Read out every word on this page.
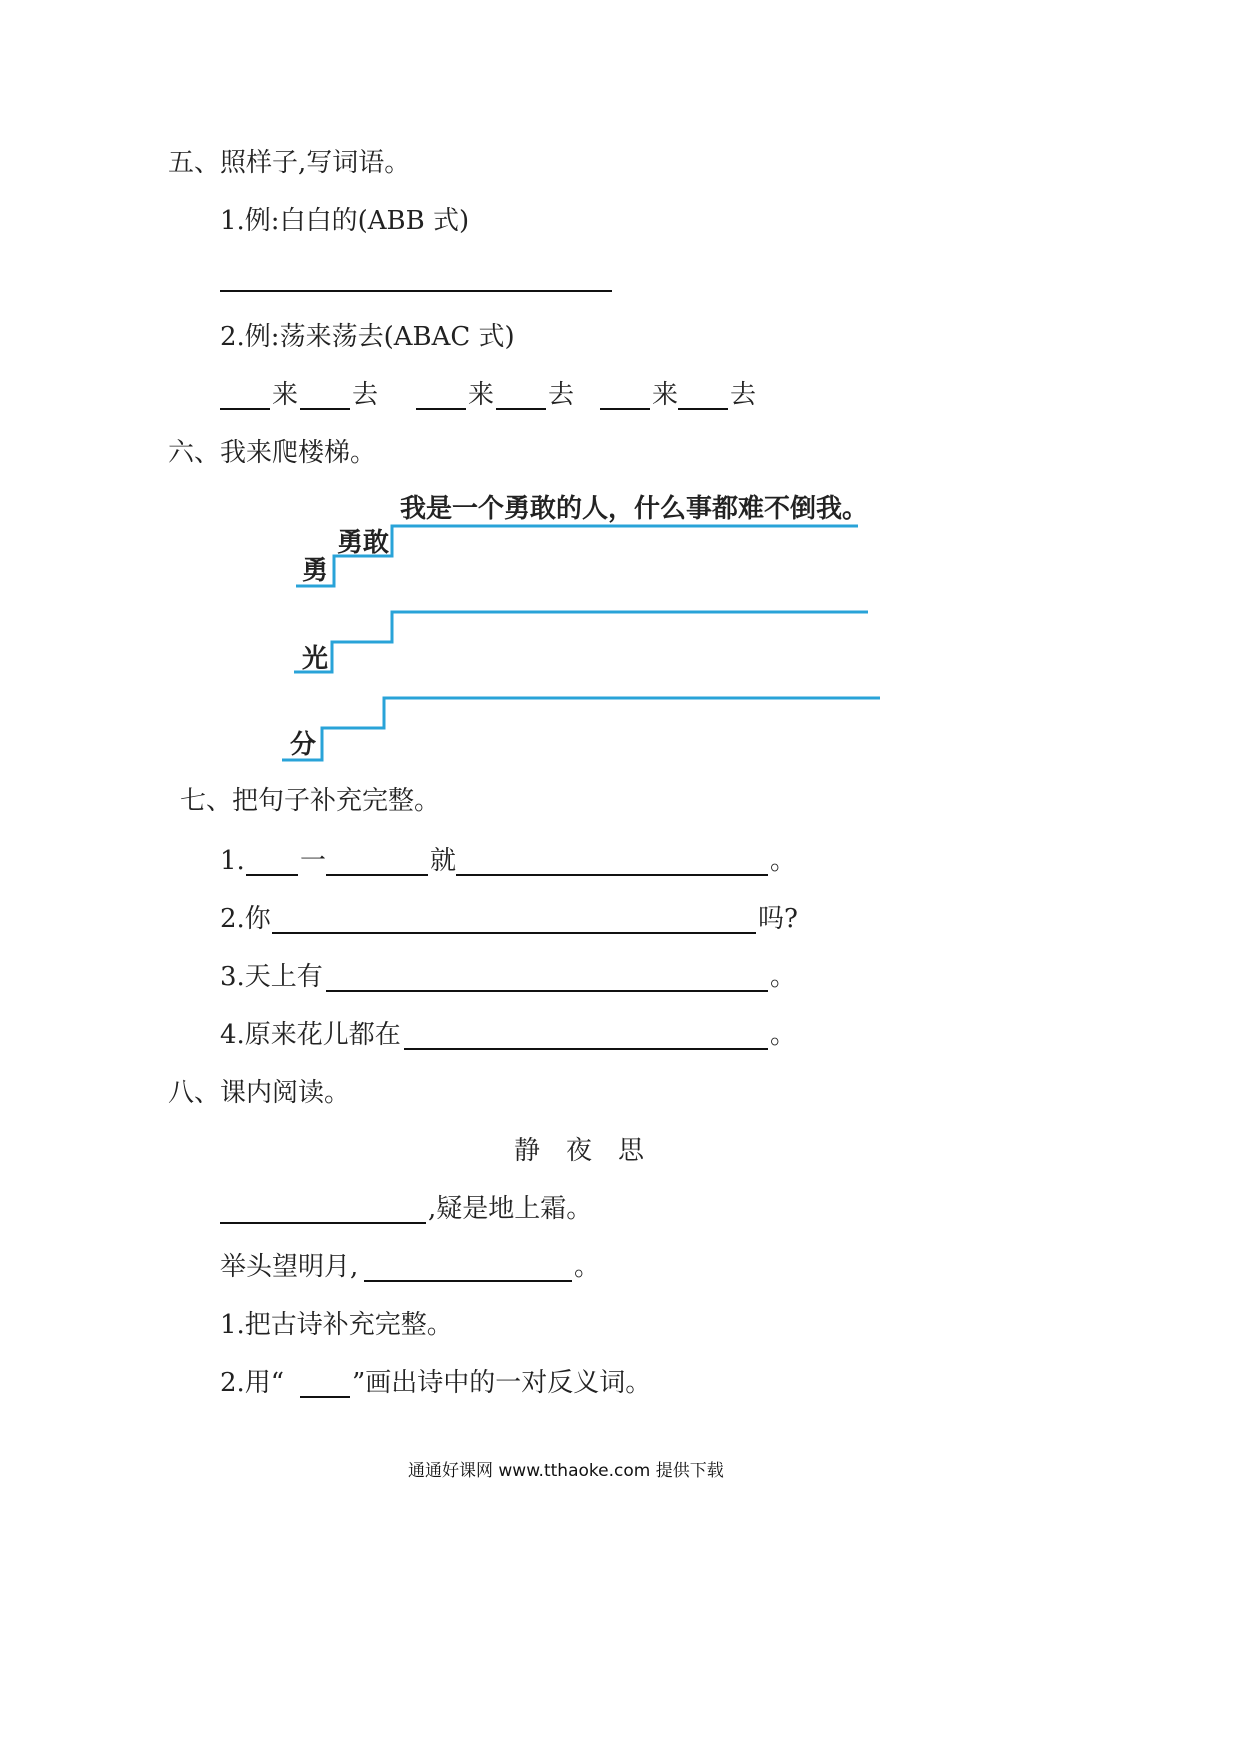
五、照样子,写词语。
1.例:白白的(ABB 式)
2.例:荡来荡去(ABAC 式)
来 去	来 去	来 去
六、我来爬楼梯。
勇
勇敢
我是一个勇敢的人，什么事都难不倒我。
光
分
七、把句子补充完整。
1. 一	就	。
2.你	吗?
3.天上有	。
4.原来花儿都在	。
八、课内阅读。
静　夜　思
,疑是地上霜。
举头望明月,	。
1.把古诗补充完整。
2.用“	”画出诗中的一对反义词。
通通好课网 www.tthaoke.com 提供下载
